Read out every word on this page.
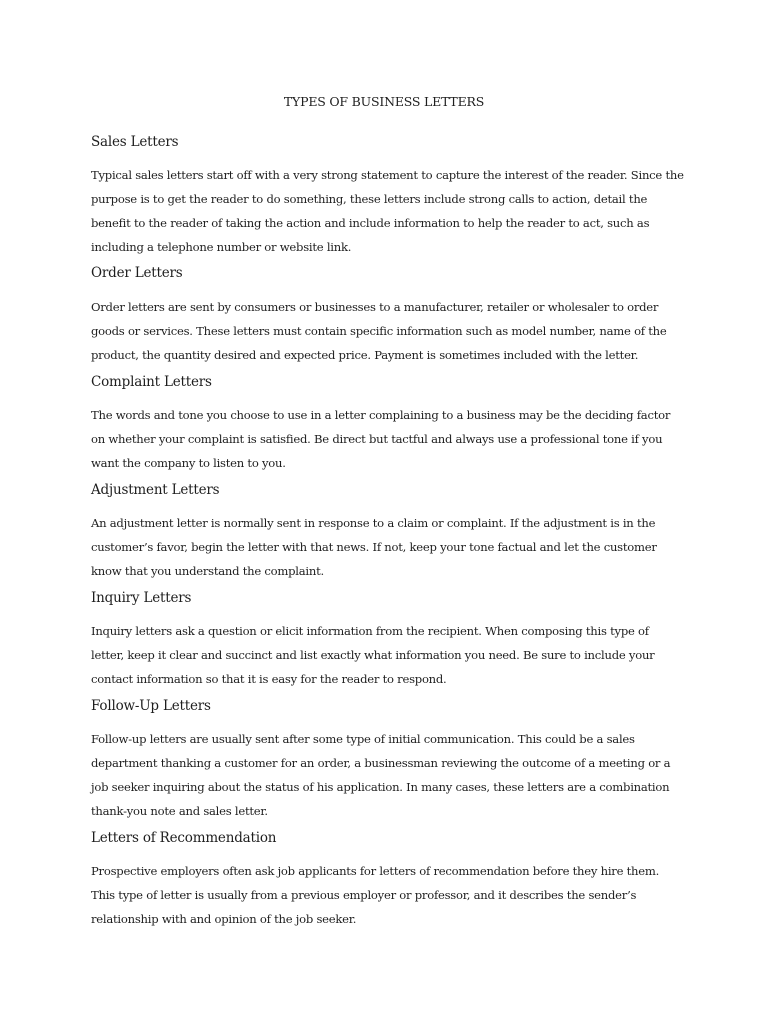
TYPES OF BUSINESS LETTERS
Sales Letters
Typical sales letters start off with a very strong statement to capture the interest of the reader. Since the
purpose is to get the reader to do something, these letters include strong calls to action, detail the
benefit to the reader of taking the action and include information to help the reader to act, such as
including a telephone number or website link.
Order Letters
Order letters are sent by consumers or businesses to a manufacturer, retailer or wholesaler to order
goods or services. These letters must contain specific information such as model number, name of the
product, the quantity desired and expected price. Payment is sometimes included with the letter.
Complaint Letters
The words and tone you choose to use in a letter complaining to a business may be the deciding factor
on whether your complaint is satisfied. Be direct but tactful and always use a professional tone if you
want the company to listen to you.
Adjustment Letters
An adjustment letter is normally sent in response to a claim or complaint. If the adjustment is in the
customer’s favor, begin the letter with that news. If not, keep your tone factual and let the customer
know that you understand the complaint.
Inquiry Letters
Inquiry letters ask a question or elicit information from the recipient. When composing this type of
letter, keep it clear and succinct and list exactly what information you need. Be sure to include your
contact information so that it is easy for the reader to respond.
Follow-Up Letters
Follow-up letters are usually sent after some type of initial communication. This could be a sales
department thanking a customer for an order, a businessman reviewing the outcome of a meeting or a
job seeker inquiring about the status of his application. In many cases, these letters are a combination
thank-you note and sales letter.
Letters of Recommendation
Prospective employers often ask job applicants for letters of recommendation before they hire them.
This type of letter is usually from a previous employer or professor, and it describes the sender’s
relationship with and opinion of the job seeker.
